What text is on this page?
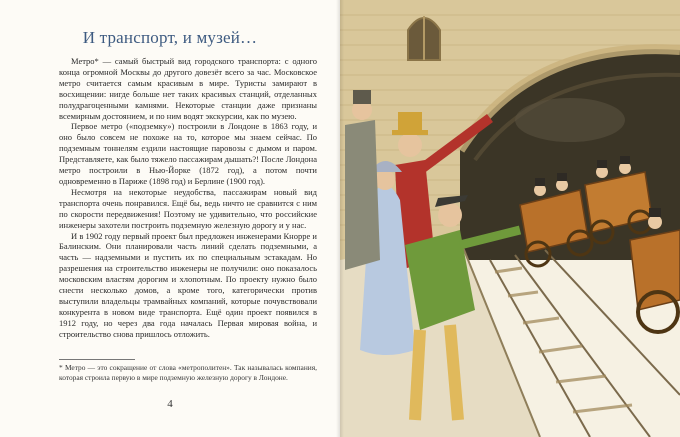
И транспорт, и музей…

Метро* — самый быстрый вид городского транспорта: с одного конца огромной Москвы до другого довезёт всего за час. Московское метро считается самым красивым в мире. Туристы замирают в восхищении: нигде больше нет таких красивых станций, отделанных полудрагоценными камнями. Некоторые станции даже признаны всемирным достоянием, и по ним водят экскурсии, как по музею.

Первое метро («подземку») построили в Лондоне в 1863 году, и оно было совсем не похоже на то, которое мы знаем сейчас. По подземным тоннелям ездили настоящие паровозы с дымом и паром. Представляете, как было тяжело пассажирам дышать?! После Лондона метро построили в Нью-Йорке (1872 год), а потом почти одновременно в Париже (1898 год) и Берлине (1900 год).

Несмотря на некоторые неудобства, пассажирам новый вид транспорта очень понравился. Ещё бы, ведь ничто не сравнится с ним по скорости передвижения! Поэтому не удивительно, что российские инженеры захотели построить подземную железную дорогу и у нас.

И в 1902 году первый проект был предложен инженерами Кнорре и Балинским. Они планировали часть линий сделать подземными, а часть — надземными и пустить их по специальным эстакадам. Но разрешения на строительство инженеры не получили: оно показалось московским властям дорогим и хлопотным. По проекту нужно было снести несколько домов, а кроме того, категорически против выступили владельцы трамвайных компаний, которые почувствовали конкурента в новом виде транспорта. Ещё один проект появился в 1912 году, но через два года началась Первая мировая война, и строительство снова пришлось отложить.

* Метро — это сокращение от слова «метрополитен». Так называлась компания, которая строила первую в мире подземную железную дорогу в Лондоне.
4
